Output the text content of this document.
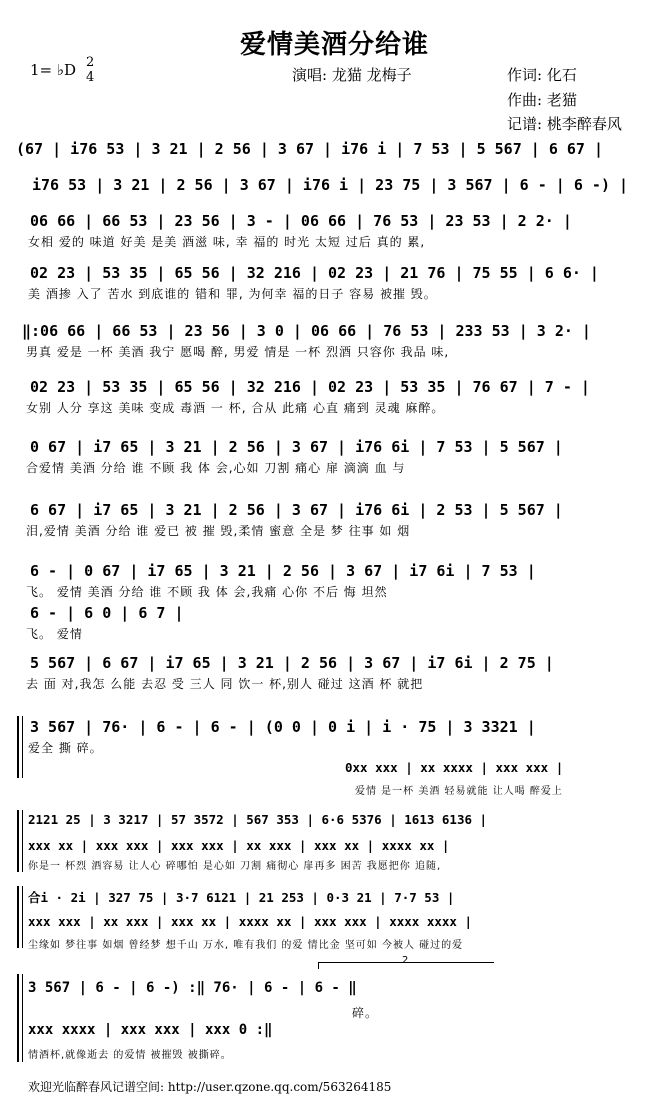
爱情美酒分给谁
1= ♭D 2
4	演唱: 龙猫 龙梅子	作词: 化石
作曲: 老猫
记谱: 桃李醉春风
(67 | i76 53 | 3 21 | 2 56 | 3 67 | i76 i | 7 53 | 5 567 | 6 67 |
i76 53 | 3 21 | 2 56 | 3 67 | i76 i | 23 75 | 3 567 | 6 - | 6 -) |
06 66 | 66 53 | 23 56 | 3 - | 06 66 | 76 53 | 23 53 | 2 2· |
女相 爱的 味道 好美 是美 酒滋 味, 幸 福的 时光 太短 过后 真的 累,
02 23 | 53 35 | 65 56 | 32 216 | 02 23 | 21 76 | 75 55 | 6 6· |
美 酒掺 入了 苦水 到底谁的 错和 罪, 为何幸 福的日子 容易 被摧 毁。
‖:06 66 | 66 53 | 23 56 | 3 0 | 06 66 | 76 53 | 233 53 | 3 2· |
男真 爱是 一杯 美酒 我宁 愿喝 醉, 男爱 情是 一杯 烈酒 只容你 我品 味,
02 23 | 53 35 | 65 56 | 32 216 | 02 23 | 53 35 | 76 67 | 7 - |
女别 人分 享这 美味 变成 毒酒 一 杯, 合从 此痛 心直 痛到 灵魂 麻醉。
0 67 | i7 65 | 3 21 | 2 56 | 3 67 | i76 6i | 7 53 | 5 567 |
合爱情 美酒 分给 谁 不顾 我 体 会,心如 刀割 痛心 扉 滴滴 血 与
6 67 | i7 65 | 3 21 | 2 56 | 3 67 | i76 6i | 2 53 | 5 567 |
泪,爱情 美酒 分给 谁 爱已 被 摧 毁,柔情 蜜意 全是 梦 往事 如 烟
6 - | 0 67 | i7 65 | 3 21 | 2 56 | 3 67 | i7 6i | 7 53 |
飞。 爱情 美酒 分给 谁 不顾 我 体 会,我痛 心你 不后 悔 坦然
6 - | 6 0 | 6 7 |
飞。 爱情
5 567 | 6 67 | i7 65 | 3 21 | 2 56 | 3 67 | i7 6i | 2 75 |
去 面 对,我怎 么能 去忍 受 三人 同 饮一 杯,别人 碰过 这酒 杯 就把
3 567 | 76· | 6 - | 6 - | (0 0 | 0 i | i · 75 | 3 3321 |
爱全 撕 碎。
0xx xxx | xx xxxx | xxx xxx |
爱情 是一杯 美酒 轻易就能 让人喝 醉爱上
2121 25 | 3 3217 | 57 3572 | 567 353 | 6·6 5376 | 1613 6136 |
xxx xx | xxx xxx | xxx xxx | xx xxx | xxx xx | xxxx xx |
你是一 杯烈 酒容易 让人心 碎哪怕 是心如 刀割 痛彻心 扉再多 困苦 我愿把你 追随,
合i · 2i | 327 75 | 3·7 6121 | 21 253 | 0·3 21 | 7·7 53 |
xxx xxx | xx xxx | xxx xx | xxxx xx | xxx xxx | xxxx xxxx |
尘缘如 梦往事 如烟 曾经梦 想千山 万水, 唯有我们 的爱 情比金 坚可如 今被人 碰过的爱
2
3 567 | 6 - | 6 -) :‖ 76· | 6 - | 6 - ‖
碎。
xxx xxxx | xxx xxx | xxx 0 :‖
情酒杯,就像逝去 的爱情 被摧毁 被撕碎。
欢迎光临醉春风记谱空间: http://user.qzone.qq.com/563264185
